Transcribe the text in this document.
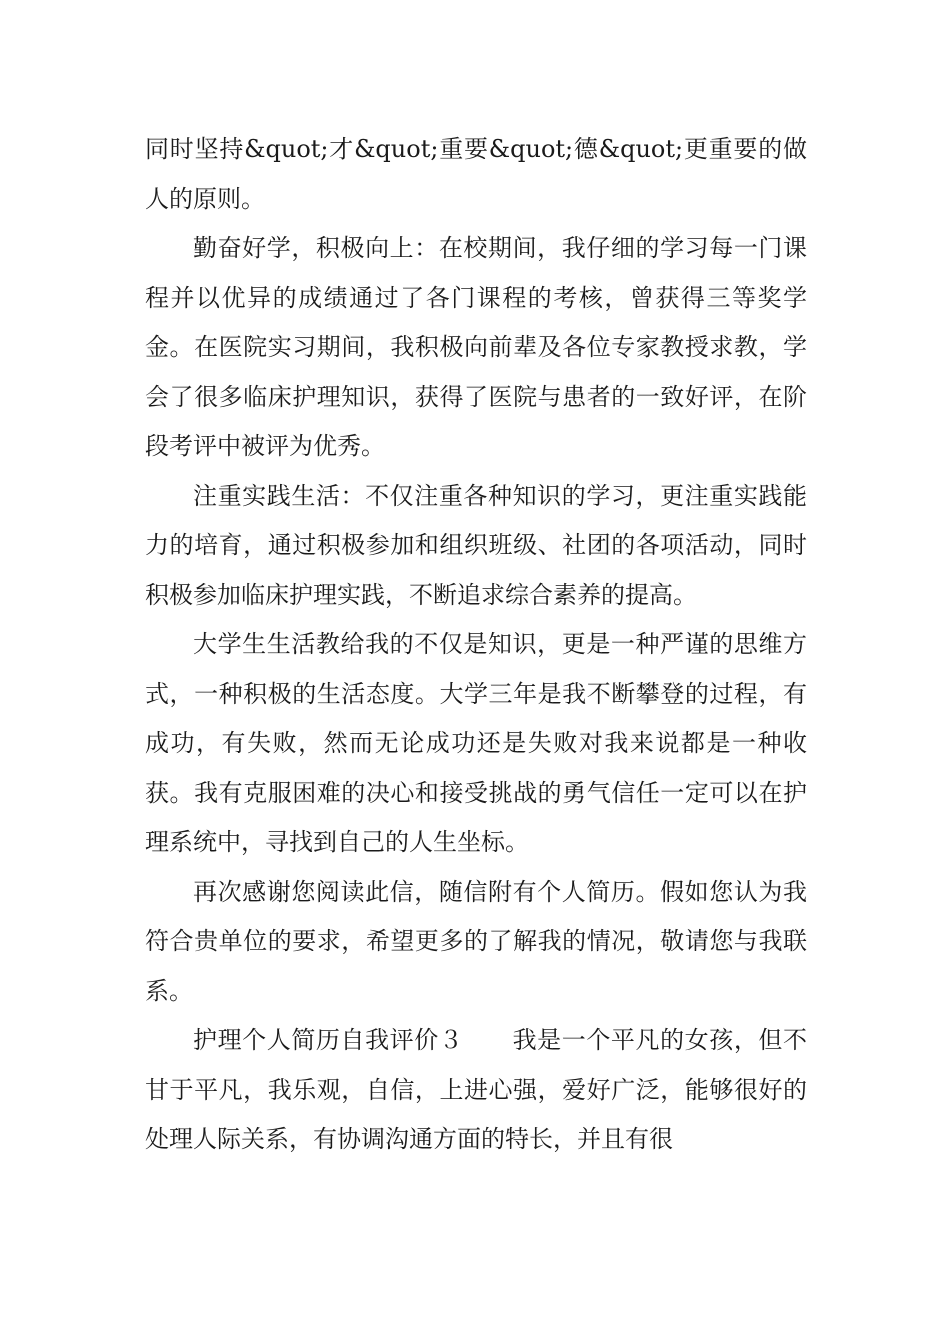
同时坚持&quot;才&quot;重要&quot;德&quot;更重要的做人的原则。

勤奋好学，积极向上：在校期间，我仔细的学习每一门课程并以优异的成绩通过了各门课程的考核，曾获得三等奖学金。在医院实习期间，我积极向前辈及各位专家教授求教，学会了很多临床护理知识，获得了医院与患者的一致好评，在阶段考评中被评为优秀。

注重实践生活：不仅注重各种知识的学习，更注重实践能力的培育，通过积极参加和组织班级、社团的各项活动，同时积极参加临床护理实践，不断追求综合素养的提高。

大学生生活教给我的不仅是知识，更是一种严谨的思维方式，一种积极的生活态度。大学三年是我不断攀登的过程，有成功，有失败，然而无论成功还是失败对我来说都是一种收获。我有克服困难的决心和接受挑战的勇气信任一定可以在护理系统中，寻找到自己的人生坐标。

再次感谢您阅读此信，随信附有个人简历。假如您认为我符合贵单位的要求，希望更多的了解我的情况，敬请您与我联系。

护理个人简历自我评价３　　我是一个平凡的女孩，但不甘于平凡，我乐观，自信，上进心强，爱好广泛，能够很好的处理人际关系，有协调沟通方面的特长，并且有很
